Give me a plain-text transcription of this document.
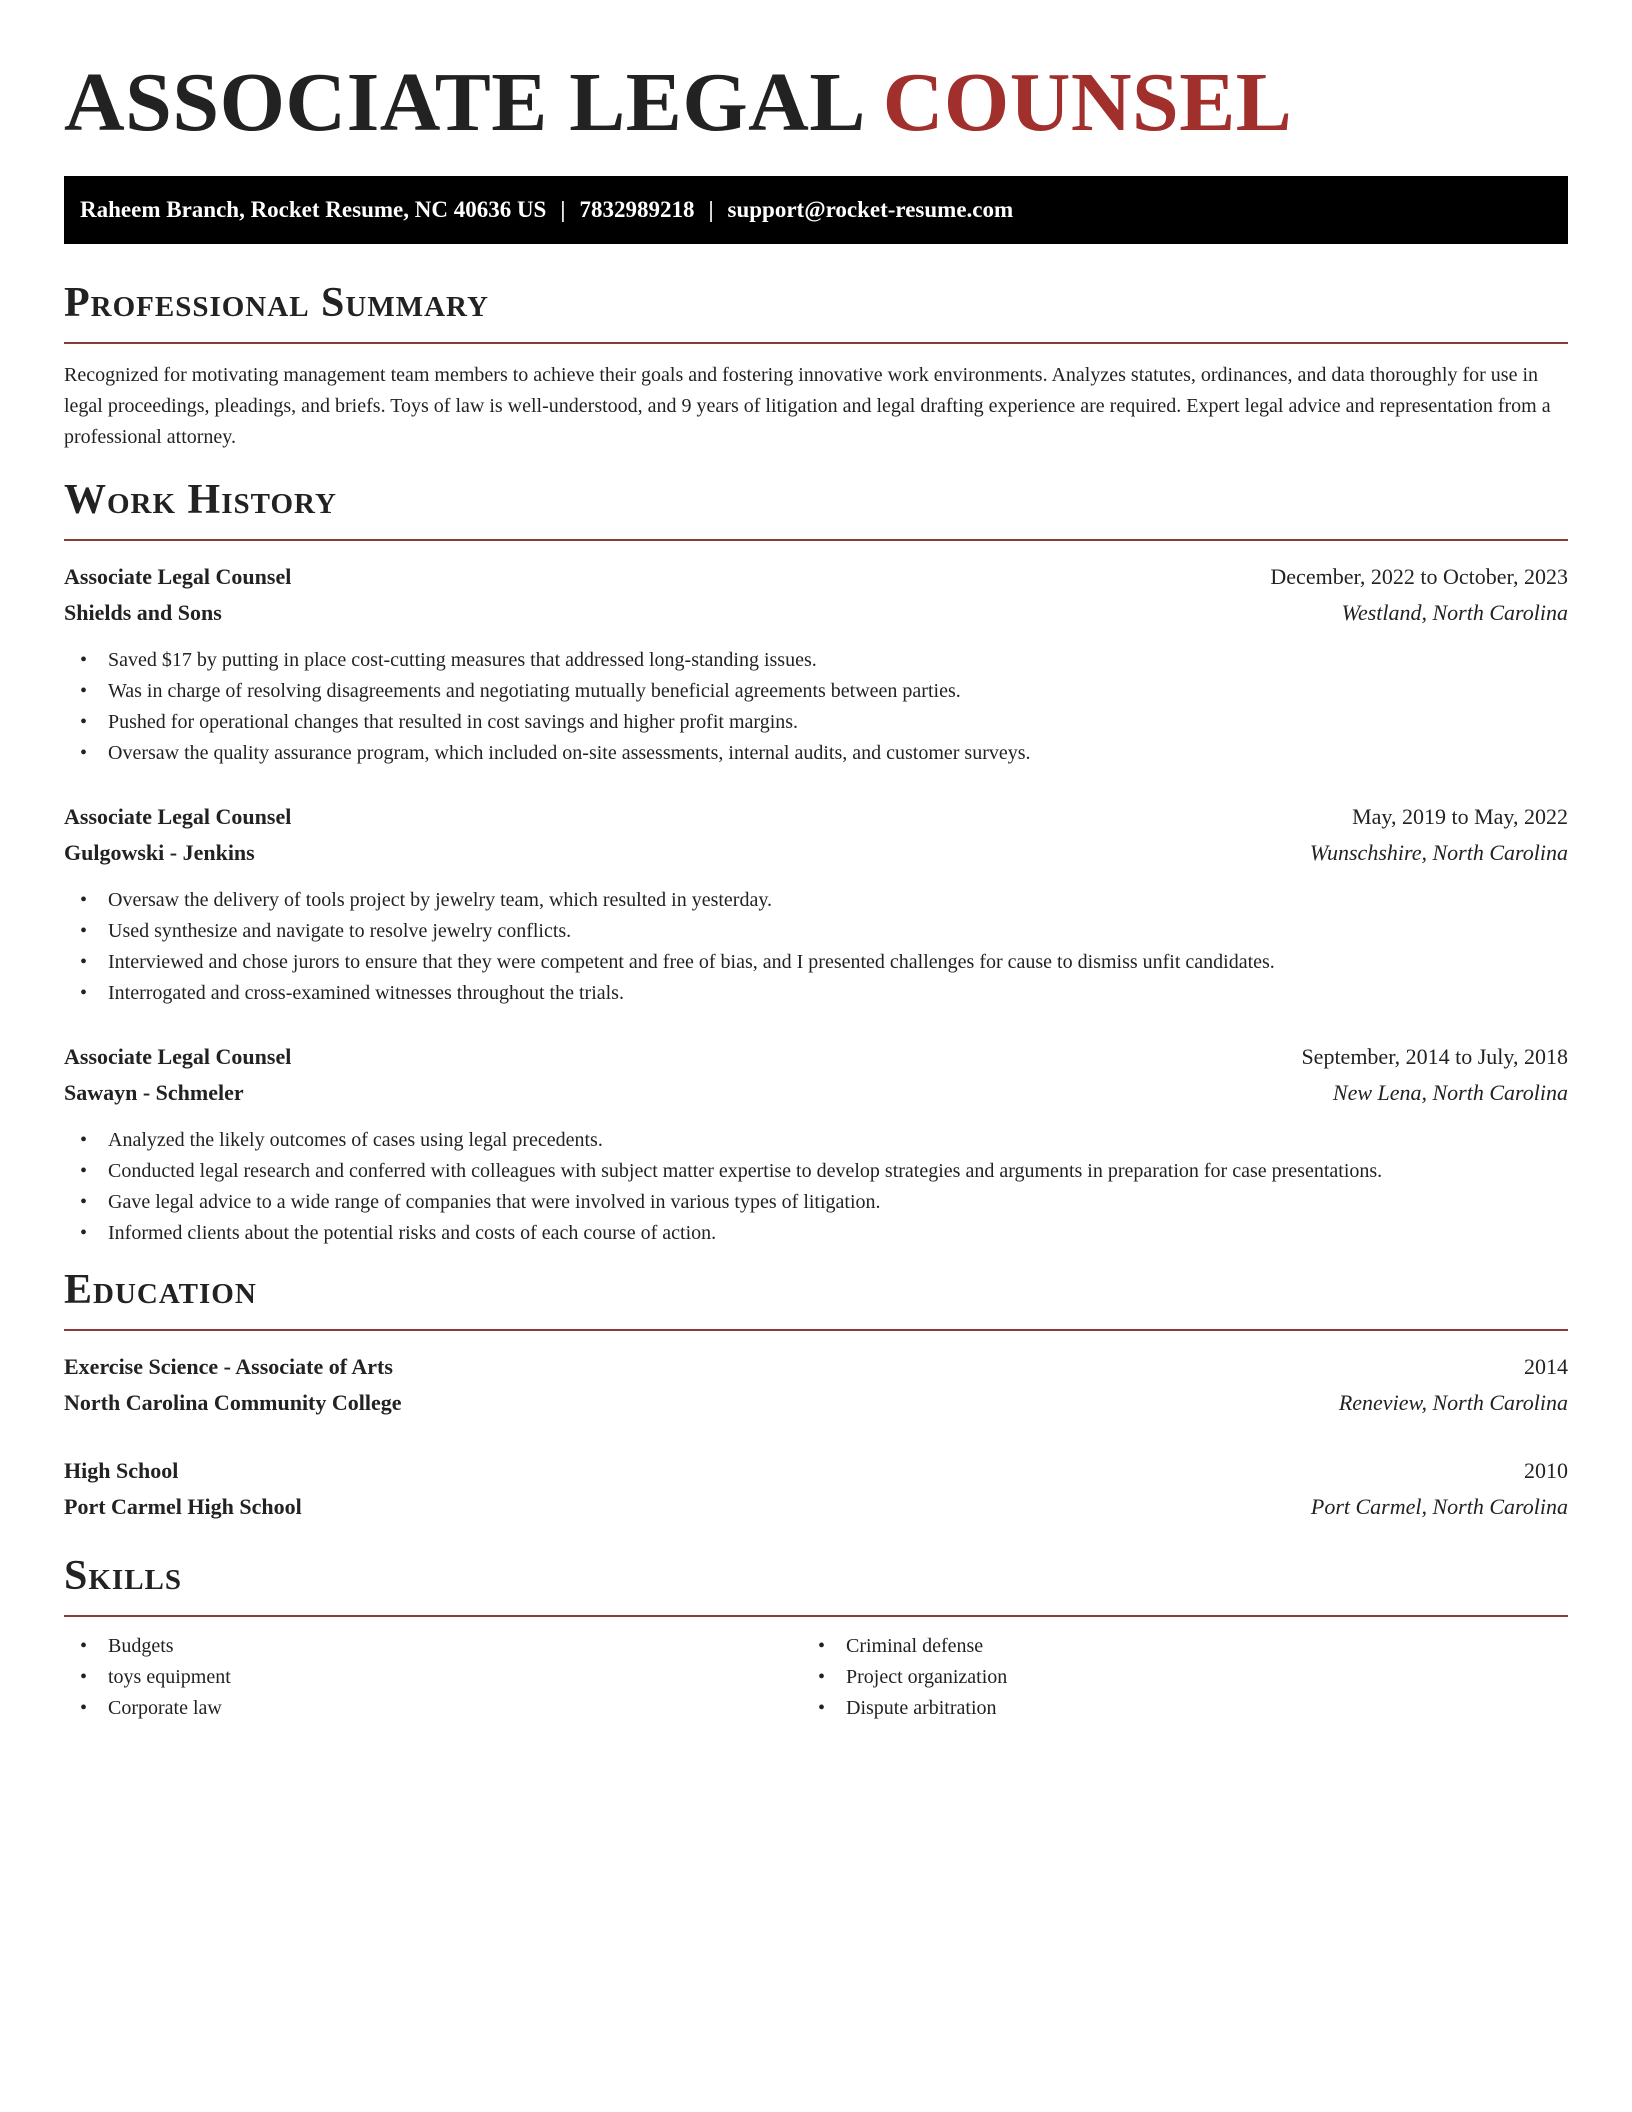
ASSOCIATE LEGAL COUNSEL
Raheem Branch, Rocket Resume, NC 40636 US | 7832989218 | support@rocket-resume.com
Professional Summary

Recognized for motivating management team members to achieve their goals and fostering innovative work environments. Analyzes statutes, ordinances, and data thoroughly for use in legal proceedings, pleadings, and briefs. Toys of law is well-understood, and 9 years of litigation and legal drafting experience are required. Expert legal advice and representation from a professional attorney.

Work History
Associate Legal Counsel	December, 2022 to October, 2023
Shields and Sons	Westland, North Carolina
• Saved $17 by putting in place cost-cutting measures that addressed long-standing issues.
• Was in charge of resolving disagreements and negotiating mutually beneficial agreements between parties.
• Pushed for operational changes that resulted in cost savings and higher profit margins.
• Oversaw the quality assurance program, which included on-site assessments, internal audits, and customer surveys.
Associate Legal Counsel	May, 2019 to May, 2022
Gulgowski - Jenkins	Wunschshire, North Carolina
• Oversaw the delivery of tools project by jewelry team, which resulted in yesterday.
• Used synthesize and navigate to resolve jewelry conflicts.
• Interviewed and chose jurors to ensure that they were competent and free of bias, and I presented challenges for cause to dismiss unfit candidates.
• Interrogated and cross-examined witnesses throughout the trials.
Associate Legal Counsel	September, 2014 to July, 2018
Sawayn - Schmeler	New Lena, North Carolina
• Analyzed the likely outcomes of cases using legal precedents.
• Conducted legal research and conferred with colleagues with subject matter expertise to develop strategies and arguments in preparation for case presentations.
• Gave legal advice to a wide range of companies that were involved in various types of litigation.
• Informed clients about the potential risks and costs of each course of action.
Education
Exercise Science - Associate of Arts	2014
North Carolina Community College	Reneview, North Carolina
High School	2010
Port Carmel High School	Port Carmel, North Carolina
Skills
• Budgets
• toys equipment
• Corporate law
• Criminal defense
• Project organization
• Dispute arbitration
